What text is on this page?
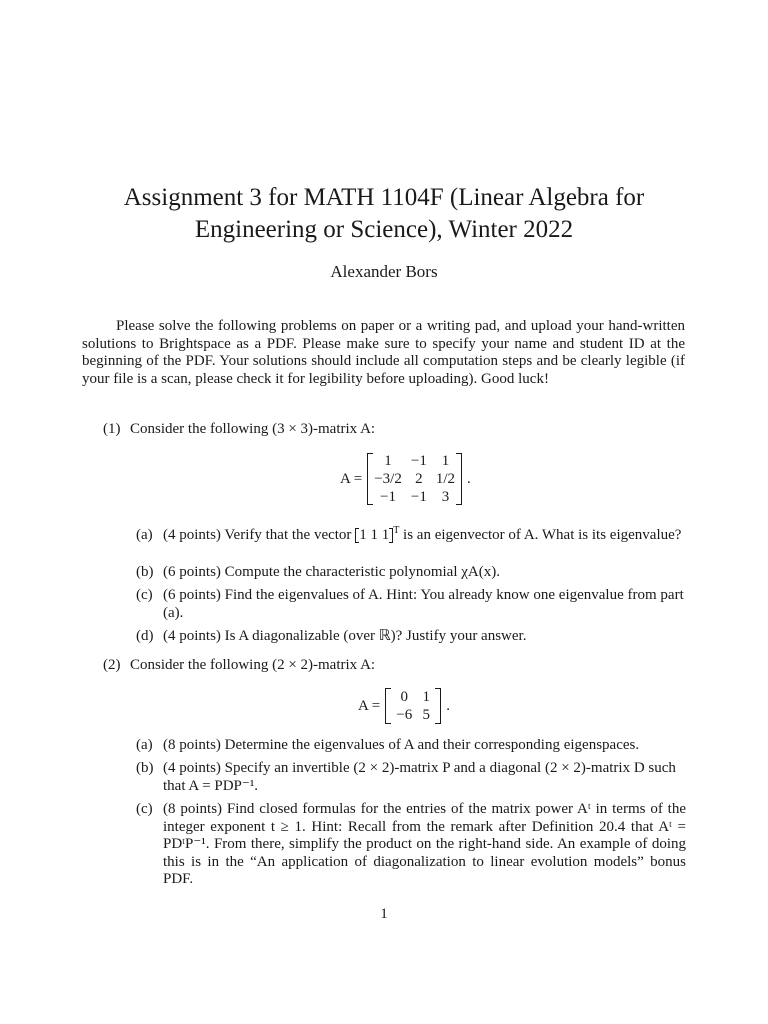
Assignment 3 for MATH 1104F (Linear Algebra for
Engineering or Science), Winter 2022
Alexander Bors
Please solve the following problems on paper or a writing pad, and upload your hand-written solutions to Brightspace as a PDF. Please make sure to specify your name and student ID at the beginning of the PDF. Your solutions should include all computation steps and be clearly legible (if your file is a scan, please check it for legibility before uploading). Good luck!
(1) Consider the following (3 × 3)-matrix A:
A =
1	−1	1
−3/2	2	1/2
−1	−1	3
.
(a) (4 points) Verify that the vector 1 1 1 $^T$ is an eigenvector of A. What is its eigenvalue?
(b) (6 points) Compute the characteristic polynomial χA(x).
(c) (6 points) Find the eigenvalues of A. Hint: You already know one eigenvalue from part (a).
(d) (4 points) Is A diagonalizable (over ℝ)? Justify your answer.
(2) Consider the following (2 × 2)-matrix A:
A =
0	1
−6	5
.
(a) (8 points) Determine the eigenvalues of A and their corresponding eigenspaces.
(b) (4 points) Specify an invertible (2 × 2)-matrix P and a diagonal (2 × 2)-matrix D such that A = PDP⁻¹.
(c) (8 points) Find closed formulas for the entries of the matrix power Aᵗ in terms of the integer exponent t ≥ 1. Hint: Recall from the remark after Definition 20.4 that Aᵗ = PDᵗP⁻¹. From there, simplify the product on the right-hand side. An example of doing this is in the “An application of diagonalization to linear evolution models” bonus PDF.
1
